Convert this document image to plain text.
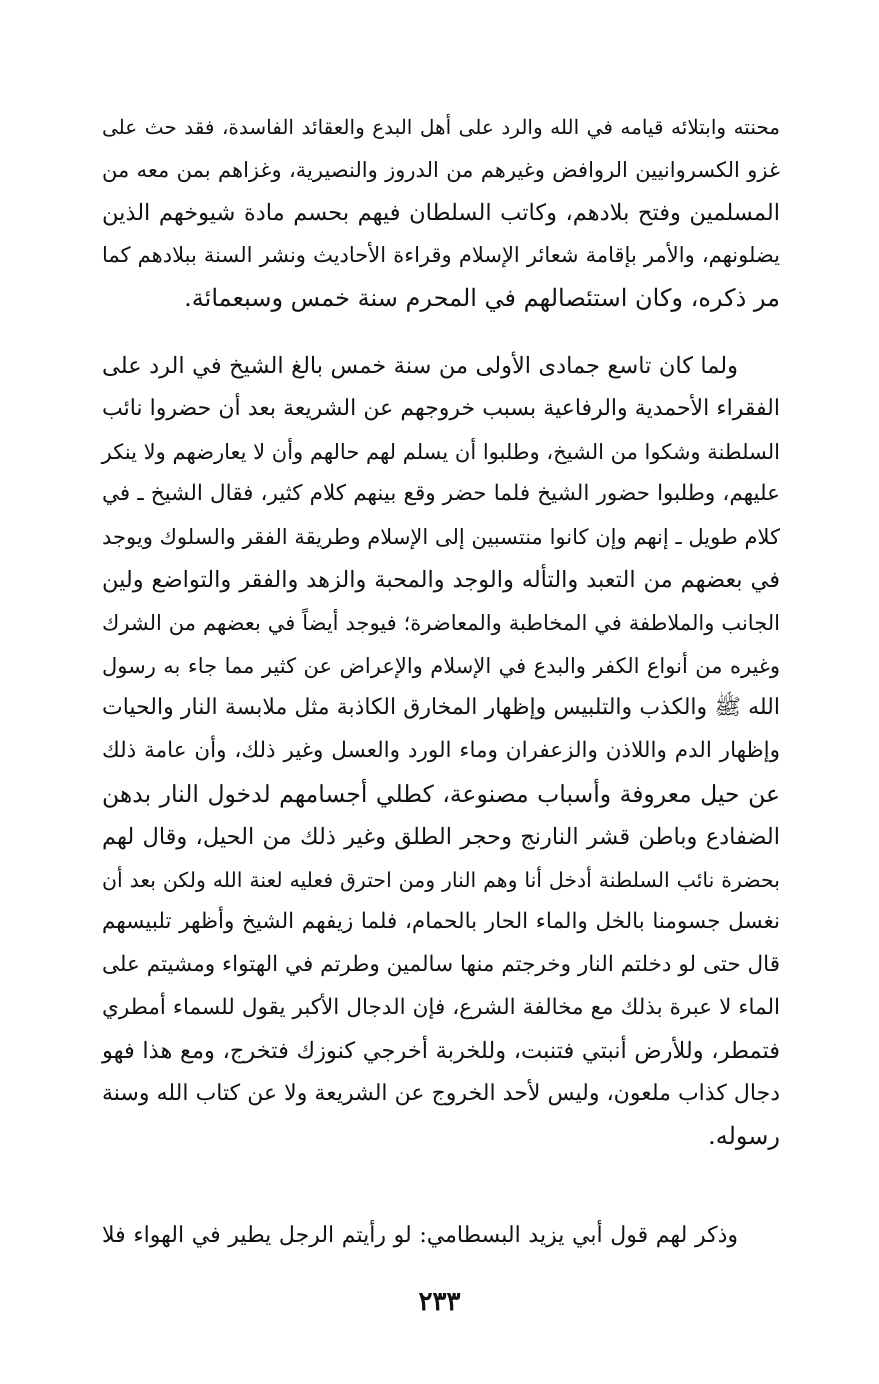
محنته وابتلائه قيامه في الله والرد على أهل البدع والعقائد الفاسدة، فقد حث على
غزو الكسروانيين الروافض وغيرهم من الدروز والنصيرية، وغزاهم بمن معه من
المسلمين وفتح بلادهم، وكاتب السلطان فيهم بحسم مادة شيوخهم الذين
يضلونهم، والأمر بإقامة شعائر الإسلام وقراءة الأحاديث ونشر السنة ببلادهم كما
مر ذكره، وكان استئصالهم في المحرم سنة خمس وسبعمائة.
ولما كان تاسع جمادى الأولى من سنة خمس بالغ الشيخ في الرد على
الفقراء الأحمدية والرفاعية بسبب خروجهم عن الشريعة بعد أن حضروا نائب
السلطنة وشكوا من الشيخ، وطلبوا أن يسلم لهم حالهم وأن لا يعارضهم ولا ينكر
عليهم، وطلبوا حضور الشيخ فلما حضر وقع بينهم كلام كثير، فقال الشيخ ـ في
كلام طويل ـ إنهم وإن كانوا منتسبين إلى الإسلام وطريقة الفقر والسلوك ويوجد
في بعضهم من التعبد والتأله والوجد والمحبة والزهد والفقر والتواضع ولين
الجانب والملاطفة في المخاطبة والمعاضرة؛ فيوجد أيضاً في بعضهم من الشرك
وغيره من أنواع الكفر والبدع في الإسلام والإعراض عن كثير مما جاء به رسول
الله ﷺ والكذب والتلبيس وإظهار المخارق الكاذبة مثل ملابسة النار والحيات
وإظهار الدم واللاذن والزعفران وماء الورد والعسل وغير ذلك، وأن عامة ذلك
عن حيل معروفة وأسباب مصنوعة، كطلي أجسامهم لدخول النار بدهن
الضفادع وباطن قشر النارنج وحجر الطلق وغير ذلك من الحيل، وقال لهم
بحضرة نائب السلطنة أدخل أنا وهم النار ومن احترق فعليه لعنة الله ولكن بعد أن
نغسل جسومنا بالخل والماء الحار بالحمام، فلما زيفهم الشيخ وأظهر تلبيسهم
قال حتى لو دخلتم النار وخرجتم منها سالمين وطرتم في الهتواء ومشيتم على
الماء لا عبرة بذلك مع مخالفة الشرع، فإن الدجال الأكبر يقول للسماء أمطري
فتمطر، وللأرض أنبتي فتنبت، وللخربة أخرجي كنوزك فتخرج، ومع هذا فهو
دجال كذاب ملعون، وليس لأحد الخروج عن الشريعة ولا عن كتاب الله وسنة
رسوله.
وذكر لهم قول أبي يزيد البسطامي: لو رأيتم الرجل يطير في الهواء فلا
٢٣٣
